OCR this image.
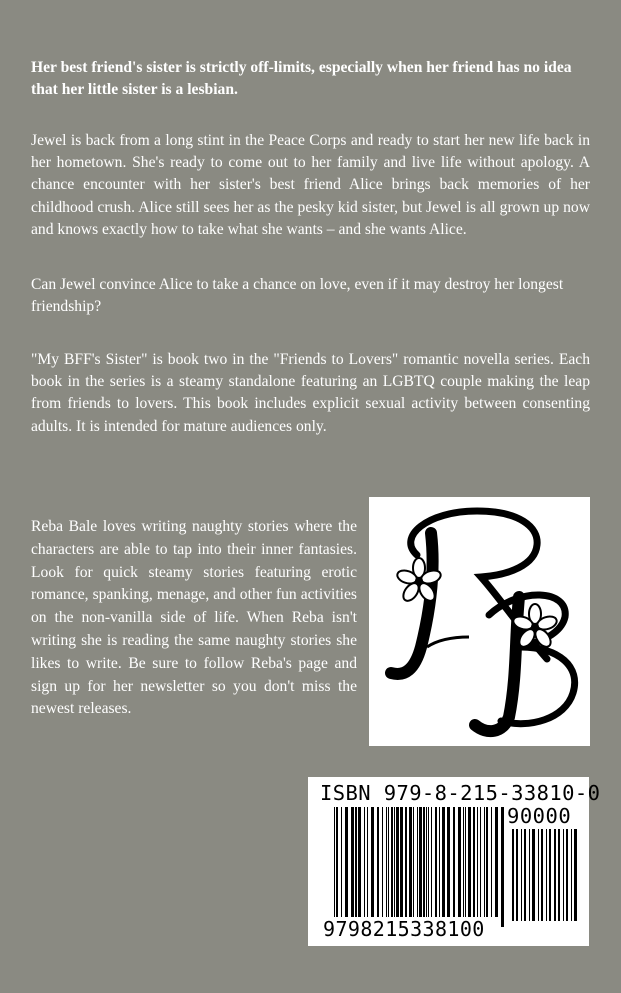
Her best friend's sister is strictly off-limits, especially when her friend has no idea that her little sister is a lesbian.

Jewel is back from a long stint in the Peace Corps and ready to start her new life back in her hometown. She's ready to come out to her family and live life without apology. A chance encounter with her sister's best friend Alice brings back memories of her childhood crush. Alice still sees her as the pesky kid sister, but Jewel is all grown up now and knows exactly how to take what she wants – and she wants Alice.

Can Jewel convince Alice to take a chance on love, even if it may destroy her longest friendship?

"My BFF's Sister" is book two in the "Friends to Lovers" romantic novella series. Each book in the series is a steamy standalone featuring an LGBTQ couple making the leap from friends to lovers. This book includes explicit sexual activity between consenting adults. It is intended for mature audiences only.

Reba Bale loves writing naughty stories where the characters are able to tap into their inner fantasies. Look for quick steamy stories featuring erotic romance, spanking, menage, and other fun activities on the non-vanilla side of life. When Reba isn't writing she is reading the same naughty stories she likes to write. Be sure to follow Reba's page and sign up for her newsletter so you don't miss the newest releases.

ISBN 979-8-215-33810-0
90000
9798215338100
